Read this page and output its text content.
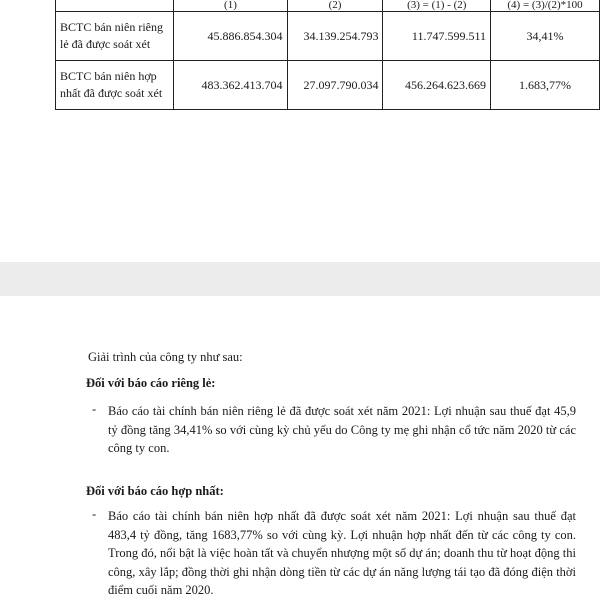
	(1)	(2)	(3) = (1) - (2)	(4) = (3)/(2)*100
BCTC bán niên riêng lẻ đã được soát xét	45.886.854.304	34.139.254.793	11.747.599.511	34,41%
BCTC bán niên hợp nhất đã được soát xét	483.362.413.704	27.097.790.034	456.264.623.669	1.683,77%
Giải trình của công ty như sau:
Đối với báo cáo riêng lẻ:
- Báo cáo tài chính bán niên riêng lẻ đã được soát xét năm 2021: Lợi nhuận sau thuế đạt 45,9 tỷ đồng tăng 34,41% so với cùng kỳ chủ yếu do Công ty mẹ ghi nhận cổ tức năm 2020 từ các công ty con.
Đối với báo cáo hợp nhất:
- Báo cáo tài chính bán niên hợp nhất đã được soát xét năm 2021: Lợi nhuận sau thuế đạt 483,4 tỷ đồng, tăng 1683,77% so với cùng kỳ. Lợi nhuận hợp nhất đến từ các công ty con. Trong đó, nổi bật là việc hoàn tất và chuyển nhượng một số dự án; doanh thu từ hoạt động thi công, xây lắp; đồng thời ghi nhận dòng tiền từ các dự án năng lượng tái tạo đã đóng điện thời điểm cuối năm 2020.
